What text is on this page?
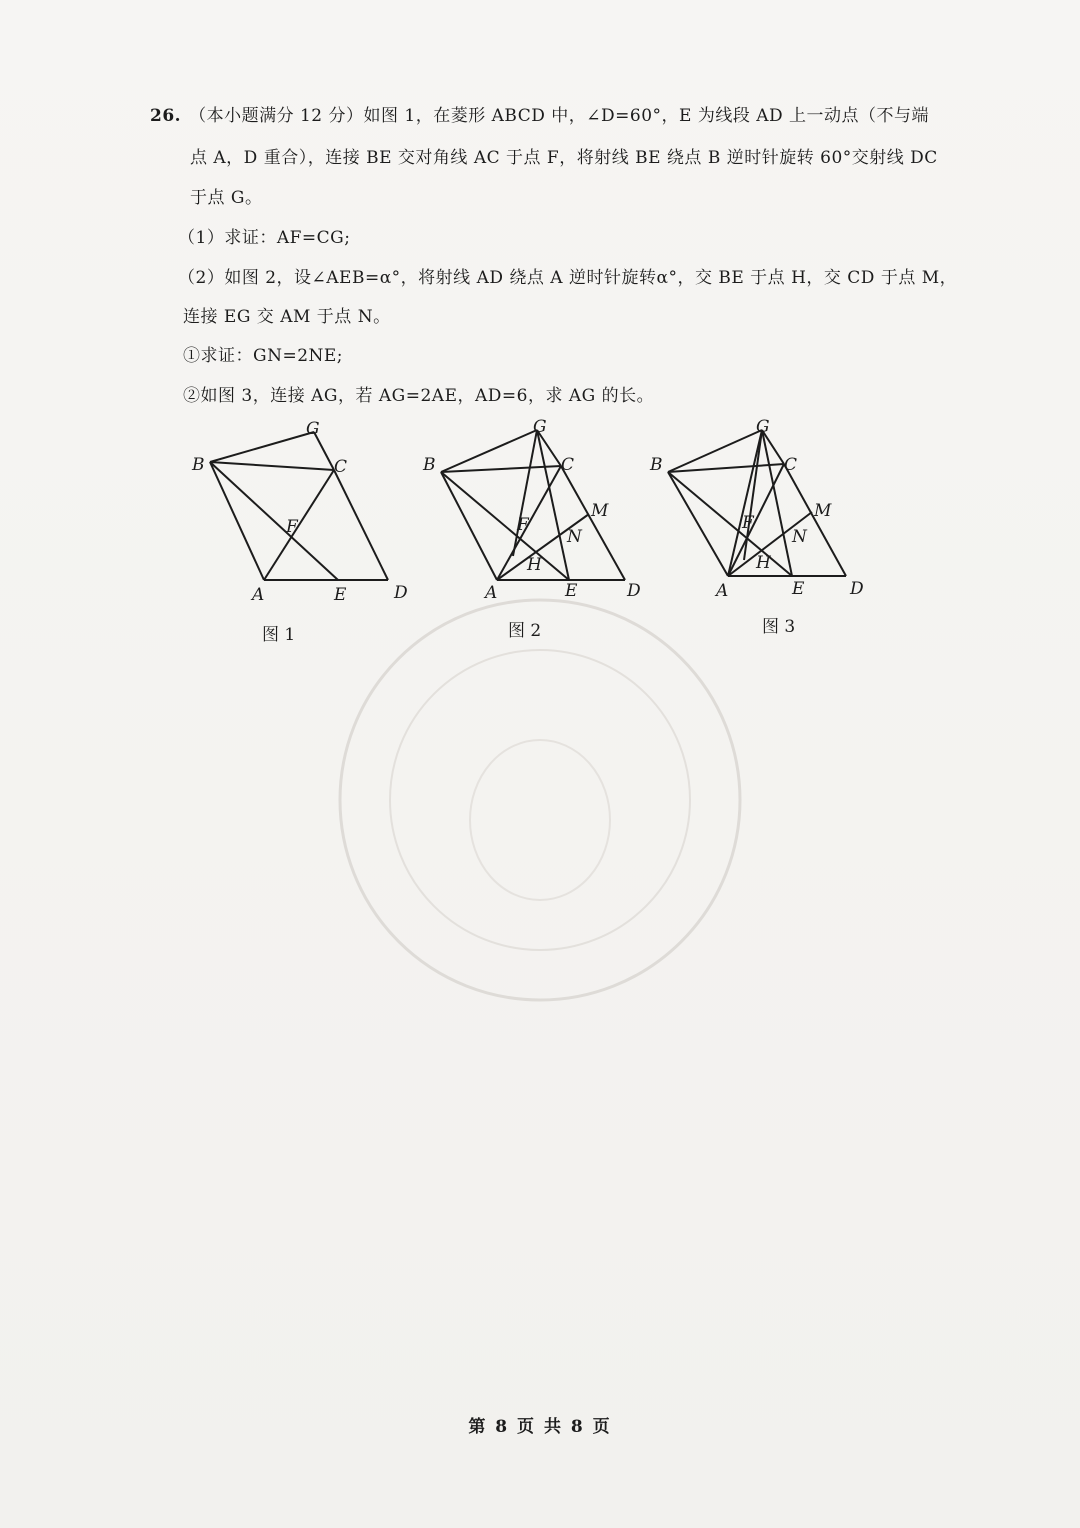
26. （本小题满分 12 分）如图 1，在菱形 ABCD 中，∠D=60°，E 为线段 AD 上一动点（不与端
点 A，D 重合），连接 BE 交对角线 AC 于点 F，将射线 BE 绕点 B 逆时针旋转 60°交射线 DC
于点 G。
（1）求证：AF=CG;
（2）如图 2，设∠AEB=α°，将射线 AD 绕点 A 逆时针旋转α°，交 BE 于点 H，交 CD 于点 M，
连接 EG 交 AM 于点 N。
①求证：GN=2NE;
②如图 3，连接 AG，若 AG=2AE，AD=6，求 AG 的长。
G
B	C
F
A	E	D
图 1
G
B	C
M
F
N
H
A	E	D
图 2
G
B	C
M
F
N
H
A	E	D
图 3
第 8 页 共 8 页
